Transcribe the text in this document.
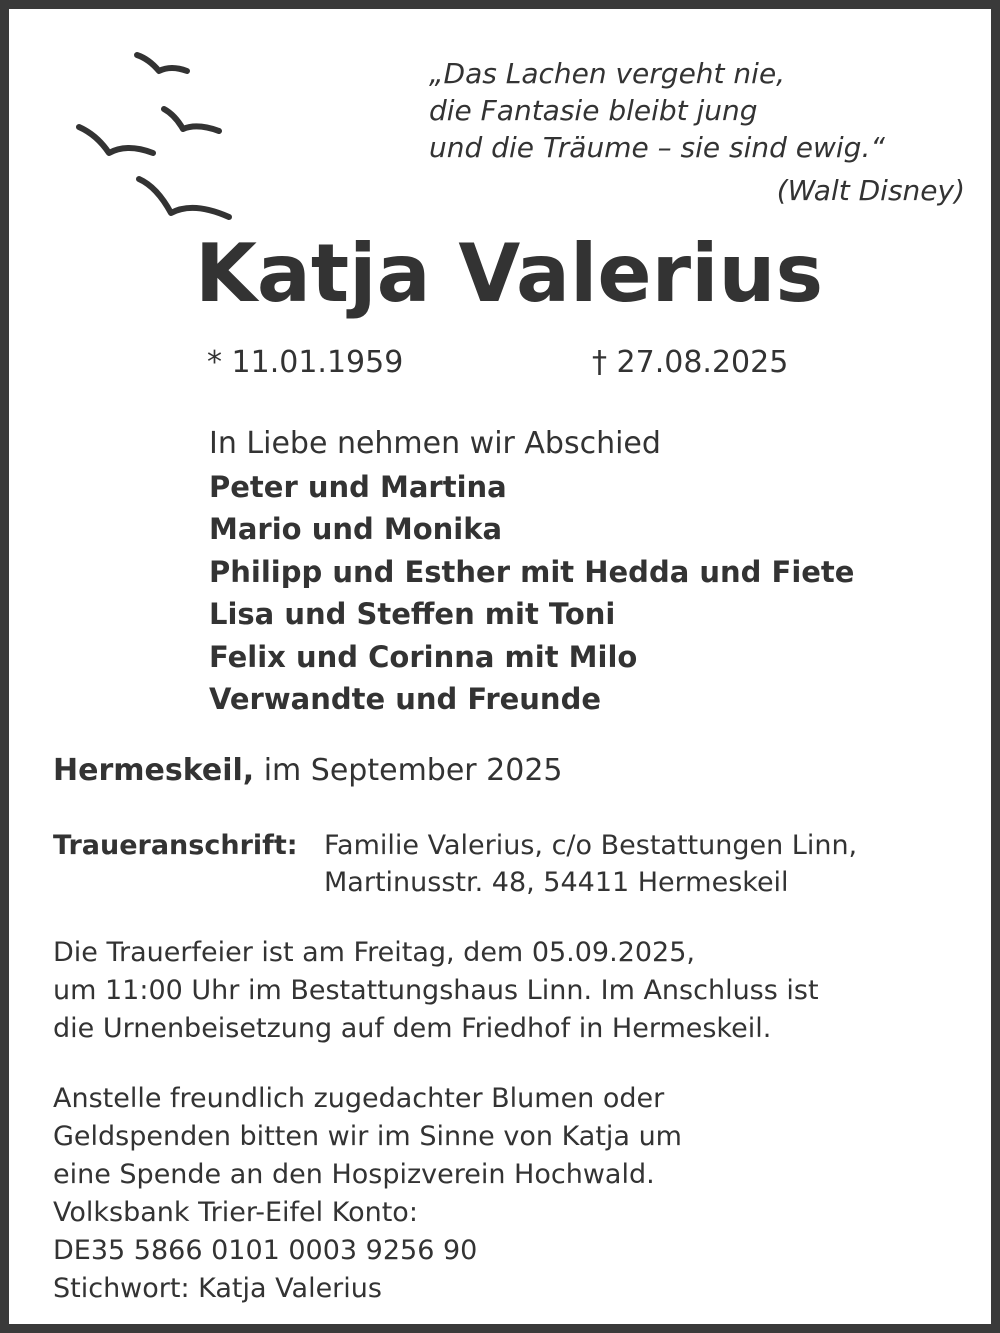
„Das Lachen vergeht nie,
die Fantasie bleibt jung
und die Träume – sie sind ewig.“
(Walt Disney)
Katja Valerius
* 11.01.1959	† 27.08.2025
In Liebe nehmen wir Abschied
Peter und Martina
Mario und Monika
Philipp und Esther mit Hedda und Fiete
Lisa und Steffen mit Toni
Felix und Corinna mit Milo
Verwandte und Freunde
Hermeskeil, im September 2025
Traueranschrift: Familie Valerius, c/o Bestattungen Linn,
Martinusstr. 48, 54411 Hermeskeil
Die Trauerfeier ist am Freitag, dem 05.09.2025,
um 11:00 Uhr im Bestattungshaus Linn. Im Anschluss ist
die Urnenbeisetzung auf dem Friedhof in Hermeskeil.
Anstelle freundlich zugedachter Blumen oder
Geldspenden bitten wir im Sinne von Katja um
eine Spende an den Hospizverein Hochwald.
Volksbank Trier-Eifel Konto:
DE35 5866 0101 0003 9256 90
Stichwort: Katja Valerius
